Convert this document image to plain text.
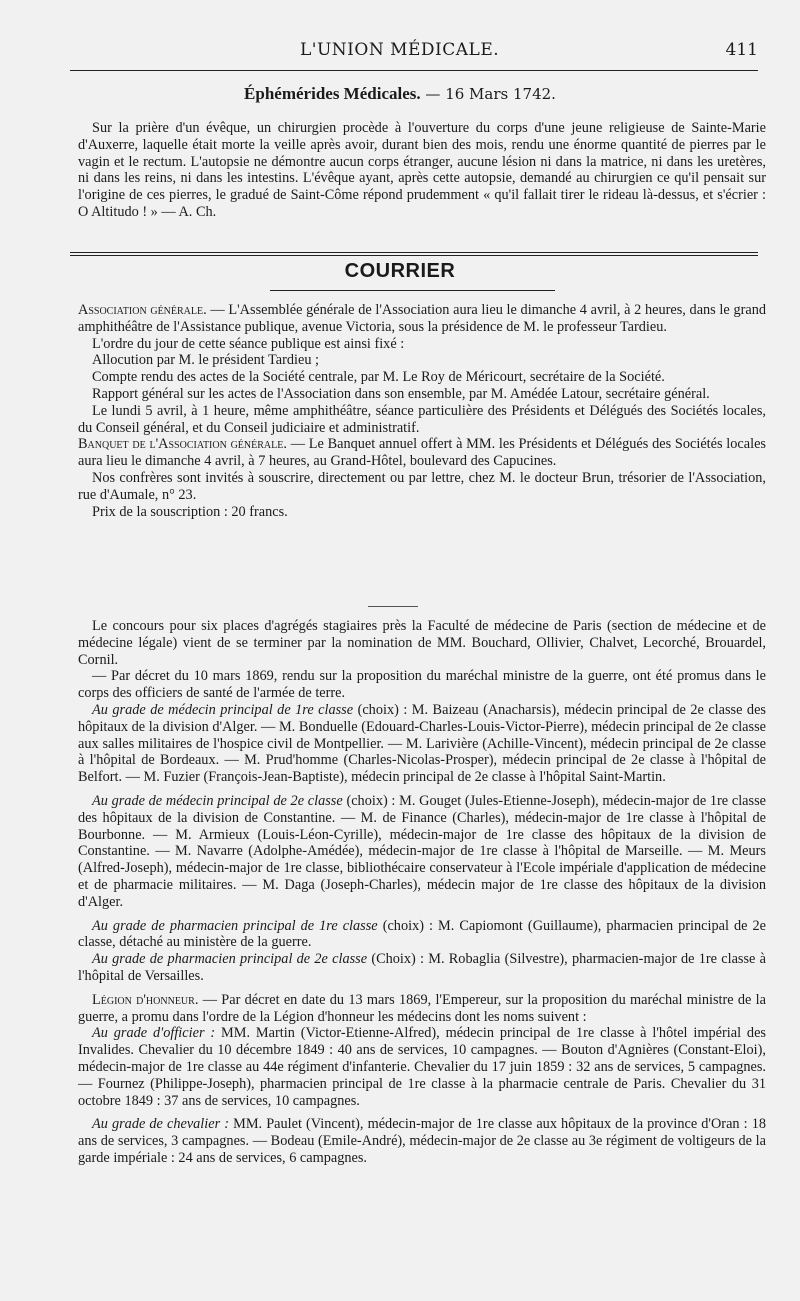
L'UNION MÉDICALE.	411
Éphémérides Médicales. — 16 Mars 1742.

Sur la prière d'un évêque, un chirurgien procède à l'ouverture du corps d'une jeune religieuse de Sainte-Marie d'Auxerre, laquelle était morte la veille après avoir, durant bien des mois, rendu une énorme quantité de pierres par le vagin et le rectum. L'autopsie ne démontre aucun corps étranger, aucune lésion ni dans la matrice, ni dans les uretères, ni dans les reins, ni dans les intestins. L'évêque ayant, après cette autopsie, demandé au chirurgien ce qu'il pensait sur l'origine de ces pierres, le gradué de Saint-Côme répond prudemment « qu'il fallait tirer le rideau là-dessus, et s'écrier : O Altitudo ! » — A. Ch.

COURRIER

Association générale. — L'Assemblée générale de l'Association aura lieu le dimanche 4 avril, à 2 heures, dans le grand amphithéâtre de l'Assistance publique, avenue Victoria, sous la présidence de M. le professeur Tardieu.

L'ordre du jour de cette séance publique est ainsi fixé :

Allocution par M. le président Tardieu ;

Compte rendu des actes de la Société centrale, par M. Le Roy de Méricourt, secrétaire de la Société.

Rapport général sur les actes de l'Association dans son ensemble, par M. Amédée Latour, secrétaire général.

Le lundi 5 avril, à 1 heure, même amphithéâtre, séance particulière des Présidents et Délégués des Sociétés locales, du Conseil général, et du Conseil judiciaire et administratif.

Banquet de l'Association générale. — Le Banquet annuel offert à MM. les Présidents et Délégués des Sociétés locales aura lieu le dimanche 4 avril, à 7 heures, au Grand-Hôtel, boulevard des Capucines.

Nos confrères sont invités à souscrire, directement ou par lettre, chez M. le docteur Brun, trésorier de l'Association, rue d'Aumale, n° 23.

Prix de la souscription : 20 francs.

Le concours pour six places d'agrégés stagiaires près la Faculté de médecine de Paris (section de médecine et de médecine légale) vient de se terminer par la nomination de MM. Bouchard, Ollivier, Chalvet, Lecorché, Brouardel, Cornil.

— Par décret du 10 mars 1869, rendu sur la proposition du maréchal ministre de la guerre, ont été promus dans le corps des officiers de santé de l'armée de terre.

Au grade de médecin principal de 1re classe (choix) : M. Baizeau (Anacharsis), médecin principal de 2e classe des hôpitaux de la division d'Alger. — M. Bonduelle (Edouard-Charles-Louis-Victor-Pierre), médecin principal de 2e classe aux salles militaires de l'hospice civil de Montpellier. — M. Larivière (Achille-Vincent), médecin principal de 2e classe à l'hôpital de Bordeaux. — M. Prud'homme (Charles-Nicolas-Prosper), médecin principal de 2e classe à l'hôpital de Belfort. — M. Fuzier (François-Jean-Baptiste), médecin principal de 2e classe à l'hôpital Saint-Martin.

Au grade de médecin principal de 2e classe (choix) : M. Gouget (Jules-Etienne-Joseph), médecin-major de 1re classe des hôpitaux de la division de Constantine. — M. de Finance (Charles), médecin-major de 1re classe à l'hôpital de Bourbonne. — M. Armieux (Louis-Léon-Cyrille), médecin-major de 1re classe des hôpitaux de la division de Constantine. — M. Navarre (Adolphe-Amédée), médecin-major de 1re classe à l'hôpital de Marseille. — M. Meurs (Alfred-Joseph), médecin-major de 1re classe, bibliothécaire conservateur à l'Ecole impériale d'application de médecine et de pharmacie militaires. — M. Daga (Joseph-Charles), médecin major de 1re classe des hôpitaux de la division d'Alger.

Au grade de pharmacien principal de 1re classe (choix) : M. Capiomont (Guillaume), pharmacien principal de 2e classe, détaché au ministère de la guerre.

Au grade de pharmacien principal de 2e classe (Choix) : M. Robaglia (Silvestre), pharmacien-major de 1re classe à l'hôpital de Versailles.

Légion d'honneur. — Par décret en date du 13 mars 1869, l'Empereur, sur la proposition du maréchal ministre de la guerre, a promu dans l'ordre de la Légion d'honneur les médecins dont les noms suivent :

Au grade d'officier : MM. Martin (Victor-Etienne-Alfred), médecin principal de 1re classe à l'hôtel impérial des Invalides. Chevalier du 10 décembre 1849 : 40 ans de services, 10 campagnes. — Bouton d'Agnières (Constant-Eloi), médecin-major de 1re classe au 44e régiment d'infanterie. Chevalier du 17 juin 1859 : 32 ans de services, 5 campagnes. — Fournez (Philippe-Joseph), pharmacien principal de 1re classe à la pharmacie centrale de Paris. Chevalier du 31 octobre 1849 : 37 ans de services, 10 campagnes.

Au grade de chevalier : MM. Paulet (Vincent), médecin-major de 1re classe aux hôpitaux de la province d'Oran : 18 ans de services, 3 campagnes. — Bodeau (Emile-André), médecin-major de 2e classe au 3e régiment de voltigeurs de la garde impériale : 24 ans de services, 6 campagnes.
